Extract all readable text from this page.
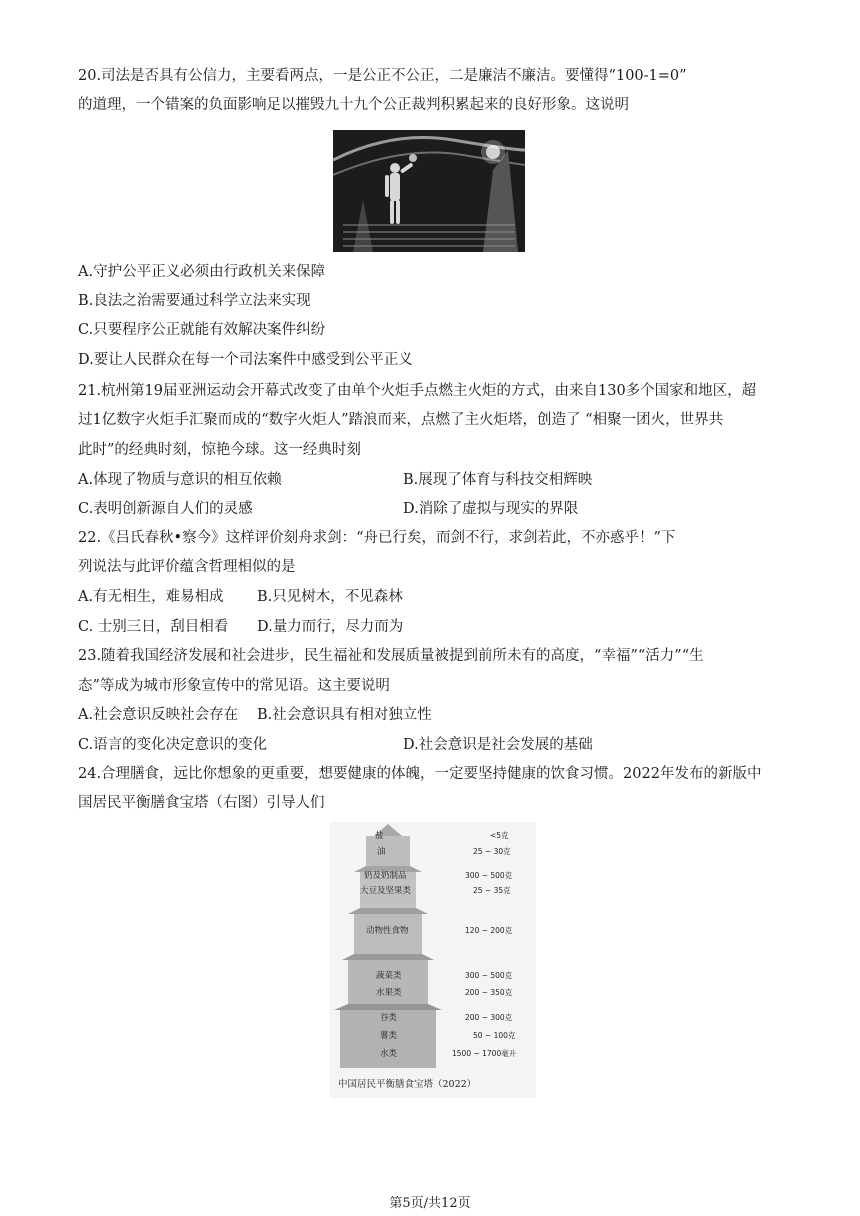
20.司法是否具有公信力，主要看两点，一是公正不公正，二是廉洁不廉洁。要懂得“100-1=0”
的道理，一个错案的负面影响足以摧毁九十九个公正裁判积累起来的良好形象。这说明
A.守护公平正义必须由行政机关来保障
B.良法之治需要通过科学立法来实现
C.只要程序公正就能有效解决案件纠纷
D.要让人民群众在每一个司法案件中感受到公平正义
21.杭州第19届亚洲运动会开幕式改变了由单个火炬手点燃主火炬的方式，由来自130多个国家和地区，超
过1亿数字火炬手汇聚而成的“数字火炬人”踏浪而来，点燃了主火炬塔，创造了 “相聚一团火，世界共
此时”的经典时刻，惊艳今球。这一经典时刻
A.体现了物质与意识的相互依赖	B.展现了体育与科技交相辉映
C.表明创新源自人们的灵感	D.消除了虚拟与现实的界限
22.《吕氏春秋•察今》这样评价刻舟求剑：“舟已行矣，而剑不行，求剑若此，不亦惑乎！”下
列说法与此评价蕴含哲理相似的是
A.有无相生，难易相成 B.只见树木，不见森林
C. 士别三日，刮目相看 D.量力而行，尽力而为
23.随着我国经济发展和社会进步，民生福祉和发展质量被提到前所未有的高度，“幸福”“活力”“生
态”等成为城市形象宣传中的常见语。这主要说明
A.社会意识反映社会存在 B.社会意识具有相对独立性
C.语言的变化决定意识的变化	D.社会意识是社会发展的基础
24.合理膳食，远比你想象的更重要，想要健康的体魄，一定要坚持健康的饮食习惯。2022年发布的新版中
国居民平衡膳食宝塔（右图）引导人们
盐	<5克
油	25 ~ 30克
奶及奶制品	300 ~ 500克
大豆及坚果类	25 ~ 35克
动物性食物	120 ~ 200克
蔬菜类	300 ~ 500克
水果类	200 ~ 350克
谷类	200 ~ 300克
薯类	50 ~ 100克
水类	1500 ~ 1700毫升
中国居民平衡膳食宝塔（2022）
第5页/共12页
